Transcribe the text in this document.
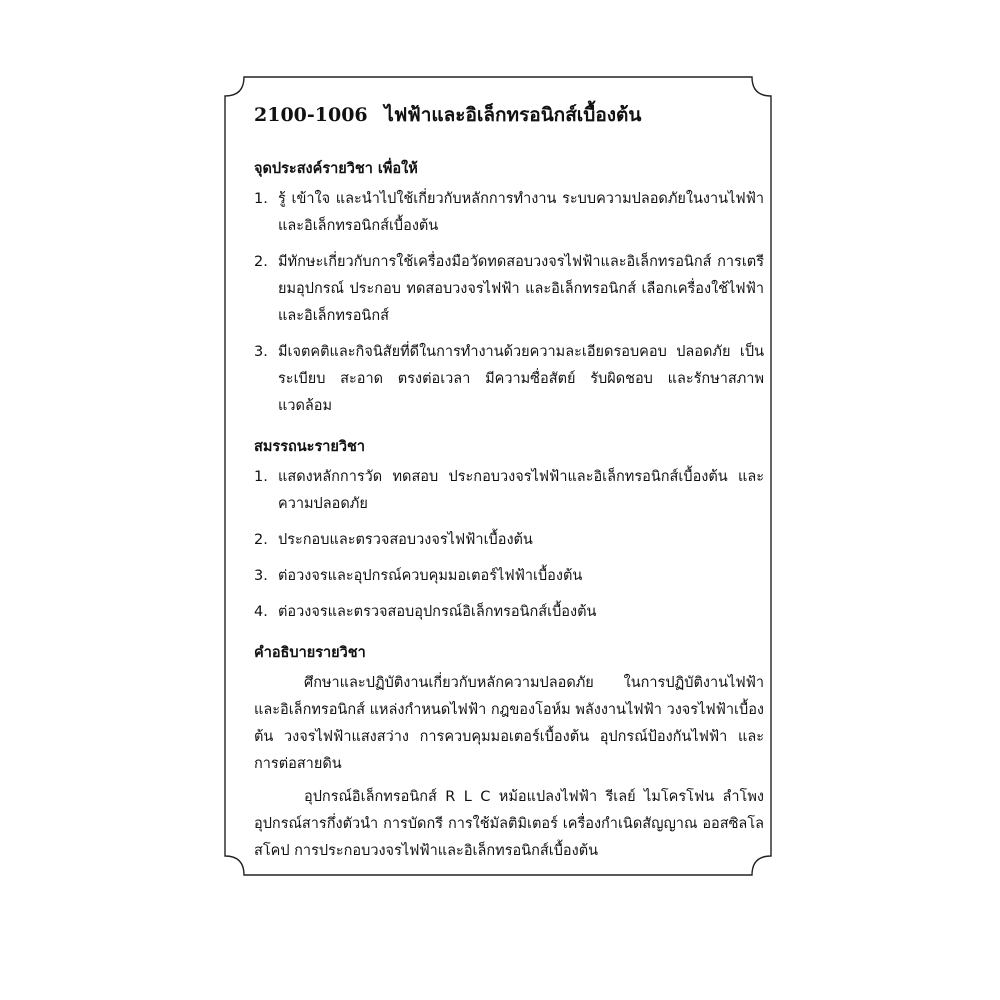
2100-1006 ไฟฟ้าและอิเล็กทรอนิกส์เบื้องต้น
จุดประสงค์รายวิชา เพื่อให้
1. รู้ เข้าใจ และนำไปใช้เกี่ยวกับหลักการทำงาน ระบบความปลอดภัยในงานไฟฟ้าและอิเล็กทรอนิกส์เบื้องต้น
2. มีทักษะเกี่ยวกับการใช้เครื่องมือวัดทดสอบวงจรไฟฟ้าและอิเล็กทรอนิกส์ การเตรียมอุปกรณ์ ประกอบ ทดสอบวงจรไฟฟ้า และอิเล็กทรอนิกส์ เลือกเครื่องใช้ไฟฟ้าและอิเล็กทรอนิกส์
3. มีเจตคติและกิจนิสัยที่ดีในการทำงานด้วยความละเอียดรอบคอบ ปลอดภัย เป็นระเบียบ สะอาด ตรงต่อเวลา มีความซื่อสัตย์ รับผิดชอบ และรักษาสภาพแวดล้อม
สมรรถนะรายวิชา
1. แสดงหลักการวัด ทดสอบ ประกอบวงจรไฟฟ้าและอิเล็กทรอนิกส์เบื้องต้น และความปลอดภัย
2. ประกอบและตรวจสอบวงจรไฟฟ้าเบื้องต้น
3. ต่อวงจรและอุปกรณ์ควบคุมมอเตอร์ไฟฟ้าเบื้องต้น
4. ต่อวงจรและตรวจสอบอุปกรณ์อิเล็กทรอนิกส์เบื้องต้น
คำอธิบายรายวิชา

ศึกษาและปฏิบัติงานเกี่ยวกับหลักความปลอดภัย ในการปฏิบัติงานไฟฟ้าและอิเล็กทรอนิกส์ แหล่งกำหนดไฟฟ้า กฎของโอห์ม พลังงานไฟฟ้า วงจรไฟฟ้าเบื้องต้น วงจรไฟฟ้าแสงสว่าง การควบคุมมอเตอร์เบื้องต้น อุปกรณ์ป้องกันไฟฟ้า และการต่อสายดิน

อุปกรณ์อิเล็กทรอนิกส์ R L C หม้อแปลงไฟฟ้า รีเลย์ ไมโครโฟน ลำโพง อุปกรณ์สารกึ่งตัวนำ การบัดกรี การใช้มัลติมิเตอร์ เครื่องกำเนิดสัญญาณ ออสซิลโลสโคป การประกอบวงจรไฟฟ้าและอิเล็กทรอนิกส์เบื้องต้น
